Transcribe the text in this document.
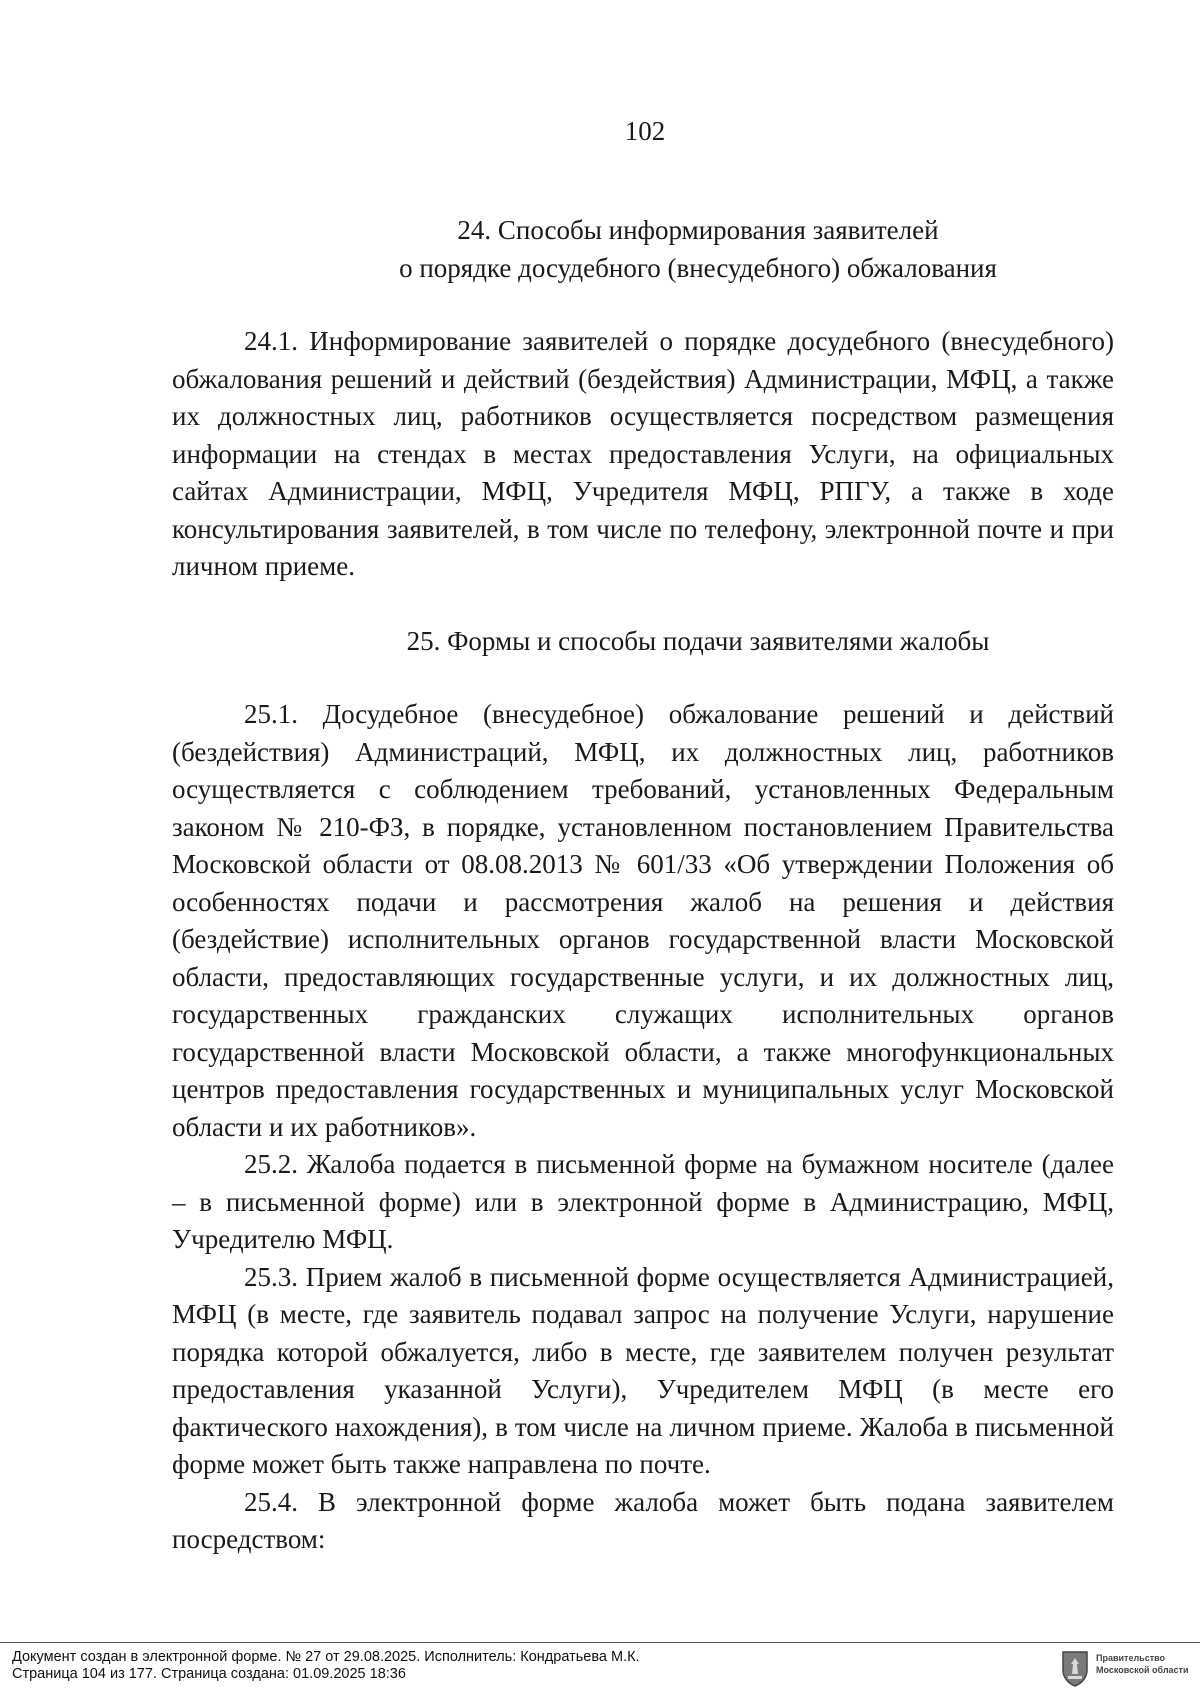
102
24. Способы информирования заявителей
о порядке досудебного (внесудебного) обжалования

24.1. Информирование заявителей о порядке досудебного (внесудебного) обжалования решений и действий (бездействия) Администрации, МФЦ, а также их должностных лиц, работников осуществляется посредством размещения информации на стендах в местах предоставления Услуги, на официальных сайтах Администрации, МФЦ, Учредителя МФЦ, РПГУ, а также в ходе консультирования заявителей, в том числе по телефону, электронной почте и при личном приеме.

25. Формы и способы подачи заявителями жалобы

25.1. Досудебное (внесудебное) обжалование решений и действий (бездействия) Администраций, МФЦ, их должностных лиц, работников осуществляется с соблюдением требований, установленных Федеральным законом № 210-ФЗ, в порядке, установленном постановлением Правительства Московской области от 08.08.2013 № 601/33 «Об утверждении Положения об особенностях подачи и рассмотрения жалоб на решения и действия (бездействие) исполнительных органов государственной власти Московской области, предоставляющих государственные услуги, и их должностных лиц, государственных гражданских служащих исполнительных органов государственной власти Московской области, а также многофункциональных центров предоставления государственных и муниципальных услуг Московской области и их работников».

25.2. Жалоба подается в письменной форме на бумажном носителе (далее – в письменной форме) или в электронной форме в Администрацию, МФЦ, Учредителю МФЦ.

25.3. Прием жалоб в письменной форме осуществляется Администрацией, МФЦ (в месте, где заявитель подавал запрос на получение Услуги, нарушение порядка которой обжалуется, либо в месте, где заявителем получен результат предоставления указанной Услуги), Учредителем МФЦ (в месте его фактического нахождения), в том числе на личном приеме. Жалоба в письменной форме может быть также направлена по почте.

25.4. В электронной форме жалоба может быть подана заявителем посредством:

Документ создан в электронной форме. № 27 от 29.08.2025. Исполнитель: Кондратьева М.К.
Страница 104 из 177. Страница создана: 01.09.2025 18:36
Правительство Московской области
